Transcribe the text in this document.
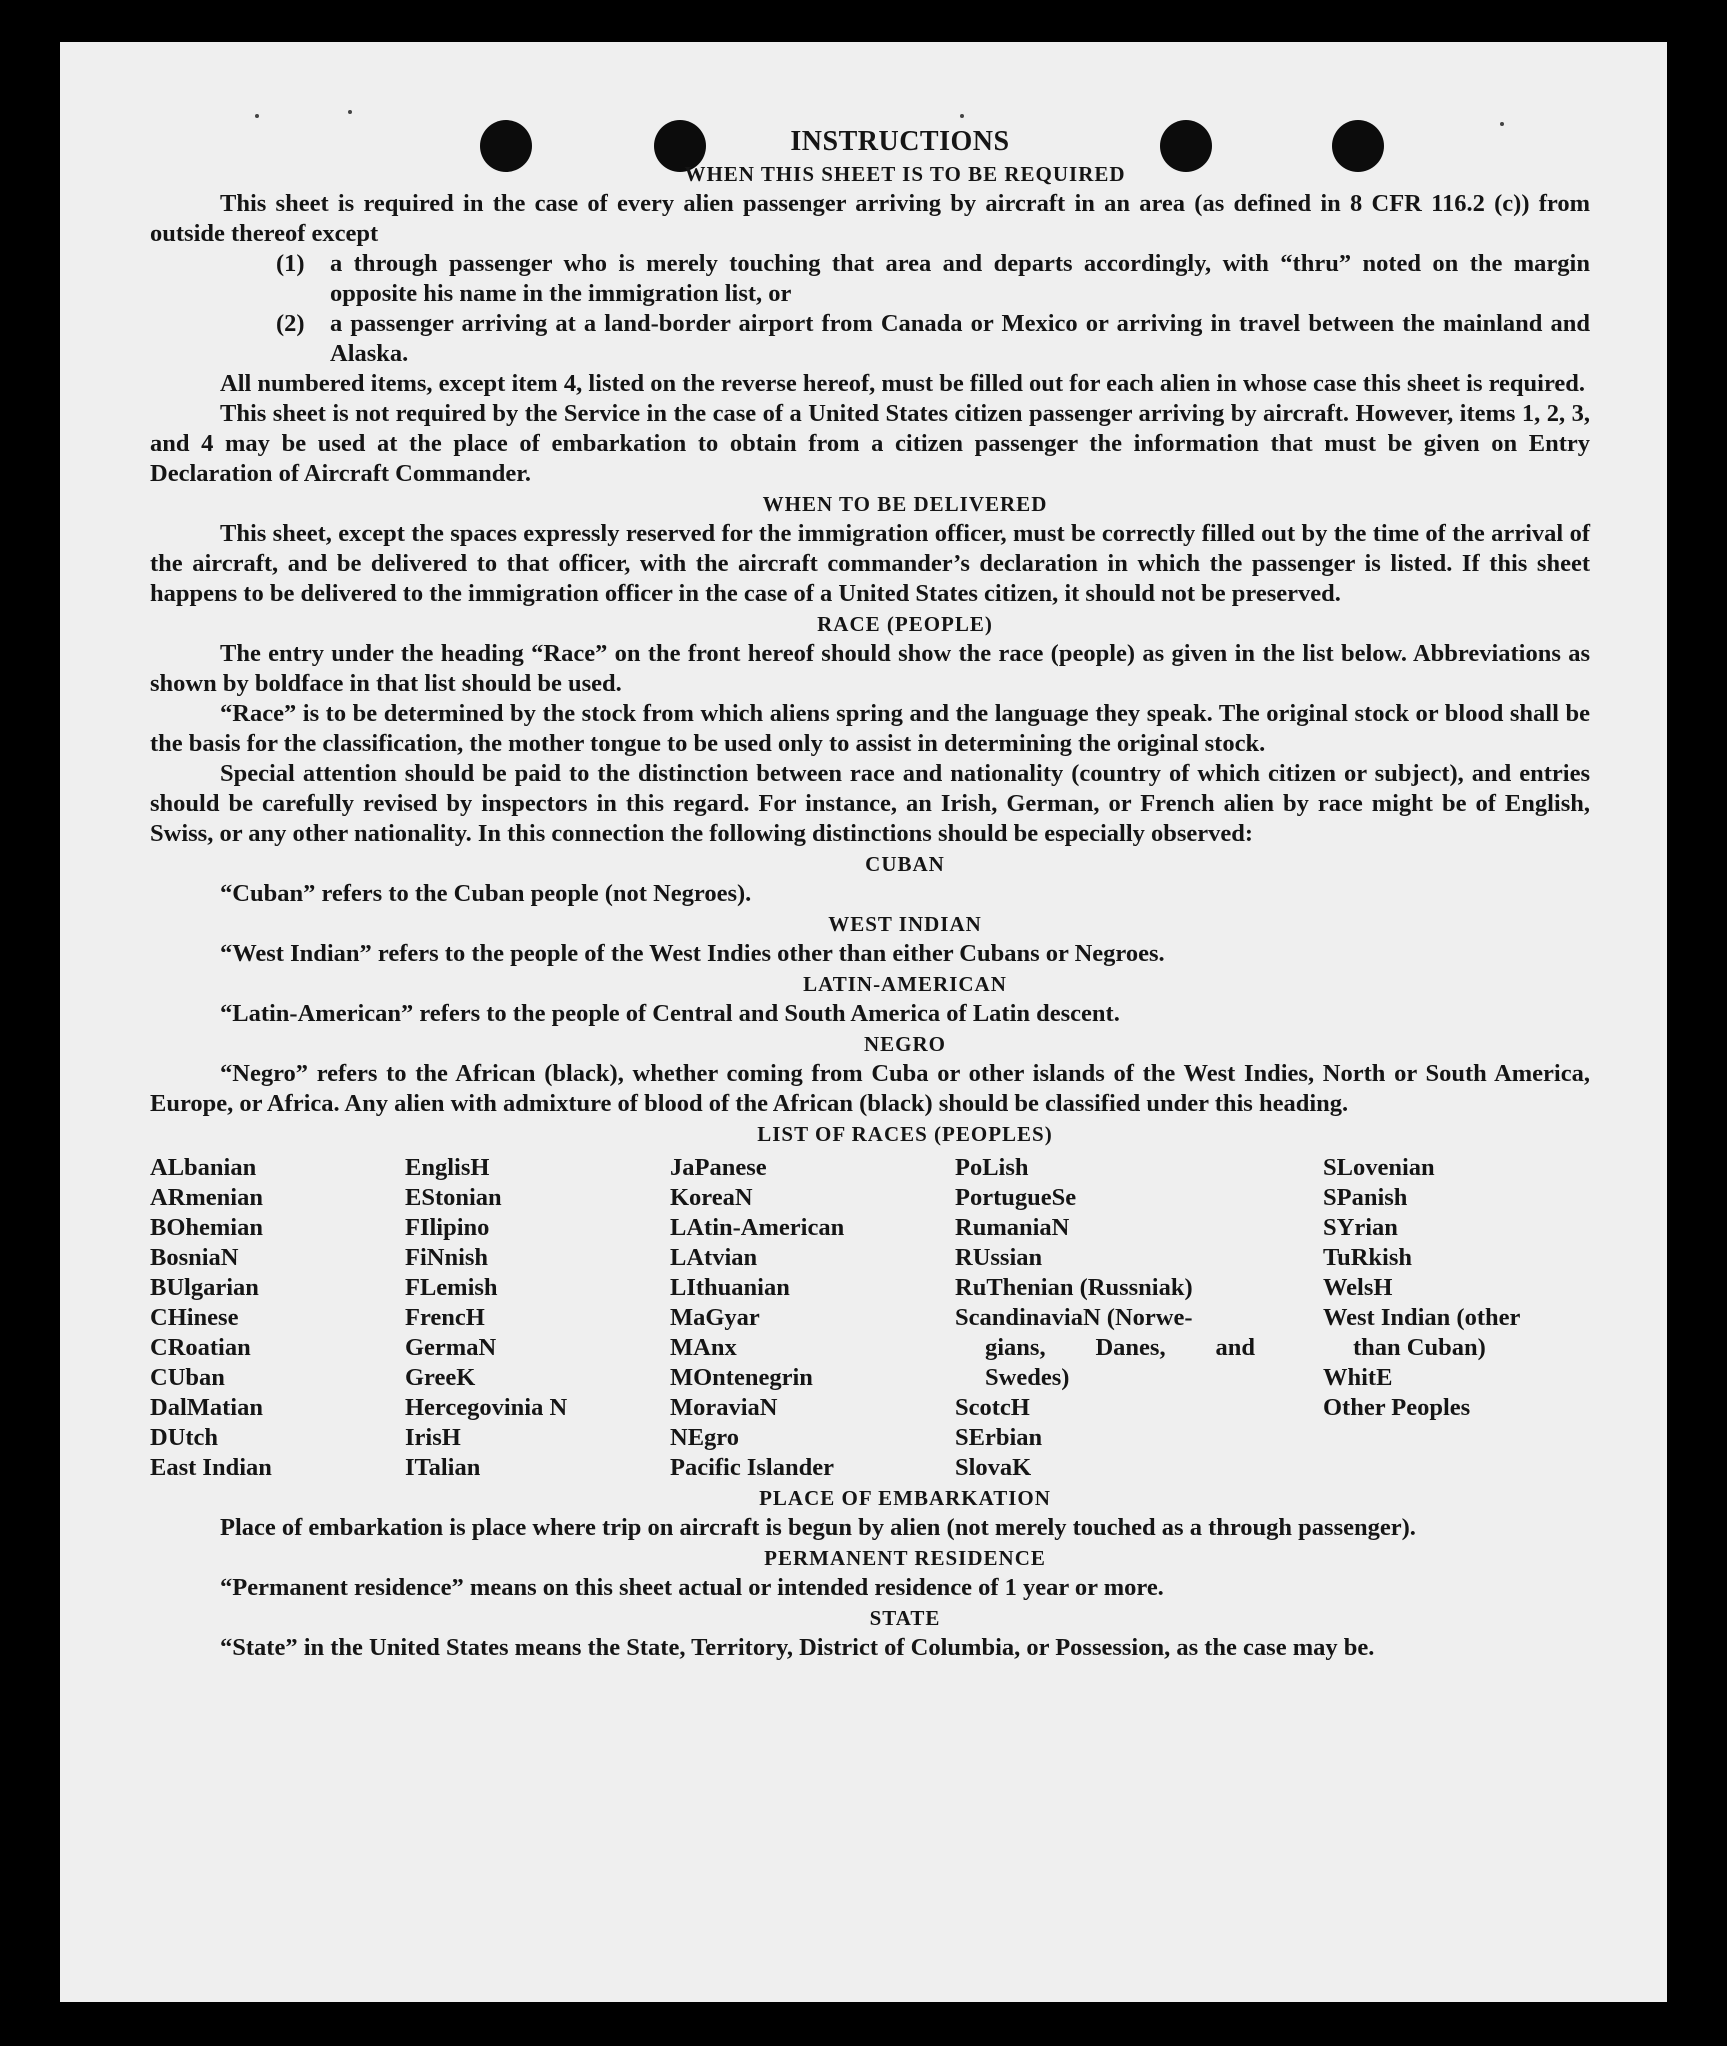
INSTRUCTIONS
WHEN THIS SHEET IS TO BE REQUIRED

This sheet is required in the case of every alien passenger arriving by aircraft in an area (as defined in 8 CFR 116.2 (c)) from outside thereof except

(1)	a through passenger who is merely touching that area and departs accordingly, with “thru” noted on the margin opposite his name in the immigration list, or
(2)	a passenger arriving at a land-border airport from Canada or Mexico or arriving in travel between the mainland and Alaska.

All numbered items, except item 4, listed on the reverse hereof, must be filled out for each alien in whose case this sheet is required.

This sheet is not required by the Service in the case of a United States citizen passenger arriving by aircraft. However, items 1, 2, 3, and 4 may be used at the place of embarkation to obtain from a citizen passenger the information that must be given on Entry Declaration of Aircraft Commander.

WHEN TO BE DELIVERED

This sheet, except the spaces expressly reserved for the immigration officer, must be correctly filled out by the time of the arrival of the aircraft, and be delivered to that officer, with the aircraft commander’s declaration in which the passenger is listed. If this sheet happens to be delivered to the immigration officer in the case of a United States citizen, it should not be preserved.

RACE (PEOPLE)

The entry under the heading “Race” on the front hereof should show the race (people) as given in the list below. Abbreviations as shown by boldface in that list should be used.

“Race” is to be determined by the stock from which aliens spring and the language they speak. The original stock or blood shall be the basis for the classification, the mother tongue to be used only to assist in determining the original stock.

Special attention should be paid to the distinction between race and nationality (country of which citizen or subject), and entries should be carefully revised by inspectors in this regard. For instance, an Irish, German, or French alien by race might be of English, Swiss, or any other nationality. In this connection the following distinctions should be especially observed:

CUBAN

“Cuban” refers to the Cuban people (not Negroes).

WEST INDIAN

“West Indian” refers to the people of the West Indies other than either Cubans or Negroes.

LATIN-AMERICAN

“Latin-American” refers to the people of Central and South America of Latin descent.

NEGRO

“Negro” refers to the African (black), whether coming from Cuba or other islands of the West Indies, North or South America, Europe, or Africa. Any alien with admixture of blood of the African (black) should be classified under this heading.

LIST OF RACES (PEOPLES)
ALbanian
ARmenian
BOhemian
BosniaN
BUlgarian
CHinese
CRoatian
CUban
DalMatian
DUtch
East Indian
EnglisH
EStonian
FIlipino
FiNnish
FLemish
FrencH
GermaN
GreeK
Hercegovinia N
IrisH
ITalian
JaPanese
KoreaN
LAtin-American
LAtvian
LIthuanian
MaGyar
MAnx
MOntenegrin
MoraviaN
NEgro
Pacific Islander
PoLish
PortugueSe
RumaniaN
RUssian
RuThenian (Russniak)
ScandinaviaN (Norwe-
gians, Danes, and Swedes)
ScotcH
SErbian
SlovaK
SLovenian
SPanish
SYrian
TuRkish
WelsH
West Indian (other
than Cuban)
WhitE
Other Peoples
PLACE OF EMBARKATION

Place of embarkation is place where trip on aircraft is begun by alien (not merely touched as a through passenger).

PERMANENT RESIDENCE

“Permanent residence” means on this sheet actual or intended residence of 1 year or more.

STATE

“State” in the United States means the State, Territory, District of Columbia, or Possession, as the case may be.
